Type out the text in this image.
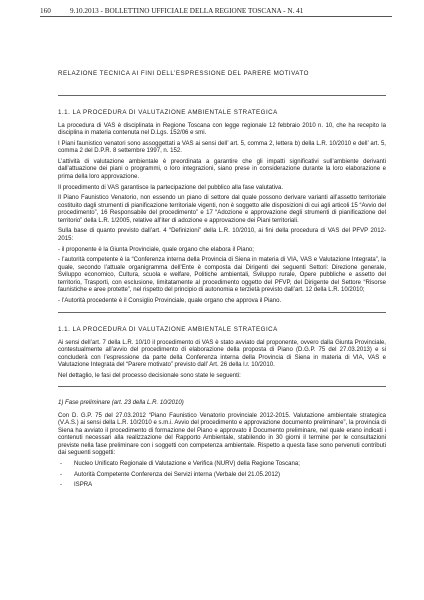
160	9.10.2013 - BOLLETTINO UFFICIALE DELLA REGIONE TOSCANA - N. 41
RELAZIONE TECNICA AI FINI DELL’ESPRESSIONE DEL PARERE MOTIVATO
1.1. LA PROCEDURA DI VALUTAZIONE AMBIENTALE STRATEGICA

La procedura di VAS è disciplinata in Regione Toscana con legge regionale 12 febbraio 2010 n. 10, che ha recepito la disciplina in materia contenuta nel D.Lgs. 152/06 e smi.

I Piani faunistico venatori sono assoggettati a VAS ai sensi dell’ art. 5, comma 2, lettera b) della L.R. 10/2010 e dell’ art. 5, comma 2 del D.P.R. 8 settembre 1997, n. 152.

L’attività di valutazione ambientale è preordinata a garantire che gli impatti significativi sull’ambiente derivanti dall’attuazione dei piani o programmi, o loro integrazioni, siano prese in considerazione durante la loro elaborazione e prima della loro approvazione.

Il procedimento di VAS garantisce la partecipazione del pubblico alla fase valutativa.

Il Piano Faunistico Venatorio, non essendo un piano di settore dal quale possono derivare varianti all’assetto territoriale costituito dagli strumenti di pianificazione territoriale vigenti, non è soggetto alle disposizioni di cui agli articoli 15 “Avvio del procedimento”, 16 Responsabile del procedimento” e 17 “Adozione e approvazione degli strumenti di pianificazione del territorio” della L.R. 1/2005, relative all’iter di adozione e approvazione dei Piani territoriali.

Sulla base di quanto previsto dall’art. 4 “Definizioni” della L.R. 10/2010, ai fini della procedura di VAS del PFVP 2012-2015:

- il proponente è la Giunta Provinciale, quale organo che elabora il Piano;

- l’autorità competente è la “Conferenza interna della Provincia di Siena in materia di VIA, VAS e Valutazione Integrata”, la quale, secondo l’attuale organigramma dell’Ente è composta dai Dirigenti dei seguenti Settori: Direzione generale, Sviluppo economico, Cultura, scuola e welfare, Politiche ambientali, Sviluppo rurale, Opere pubbliche e assetto del territorio, Trasporti, con esclusione, limitatamente al procedimento oggetto del PFVP, del Dirigente del Settore “Risorse faunistiche e aree protette”, nel rispetto del principio di autonomia e terzietà previsto dall’art. 12 della L.R. 10/2010;

- l’Autorità procedente è il Consiglio Provinciale, quale organo che approva il Piano.

1.1. LA PROCEDURA DI VALUTAZIONE AMBIENTALE STRATEGICA

Ai sensi dell’art. 7 della L.R. 10/10 il procedimento di VAS è stato avviato dal proponente, ovvero dalla Giunta Provinciale, contestualmente all’avvio del procedimento di elaborazione della proposta di Piano (D.G.P. 75 del 27.03.2013) e si concluderà con l’espressione da parte della Conferenza interna della Provincia di Siena in materia di VIA, VAS e Valutazione Integrata del “Parere motivato” previsto dall’ Art. 26 della l.r. 10/2010.

Nel dettaglio, le fasi del processo decisionale sono state le seguenti:

1) Fase preliminare (art. 23 della L.R. 10/2010)

Con D. G.P. 75 del 27.03.2012 “Piano Faunistico Venatorio provinciale 2012-2015. Valutazione ambientale strategica (V.A.S.) ai sensi della L.R. 10/2010 e s.m.i. Avvio del procedimento e approvazione documento preliminare”, la provincia di Siena ha avviato il procedimento di formazione del Piano e approvato il Documento preliminare, nel quale erano indicati i contenuti necessari alla realizzazione del Rapporto Ambientale, stabilendo in 30 giorni il termine per le consultazioni previste nella fase preliminare con i soggetti con competenza ambientale. Rispetto a questa fase sono pervenuti contributi dai seguenti soggetti:

-	Nucleo Unificato Regionale di Valutazione e Verifica (NURV) della Regione Toscana;
-	Autorità Competente Conferenza dei Servizi interna (Verbale del 21.05.2012)
-	ISPRA
